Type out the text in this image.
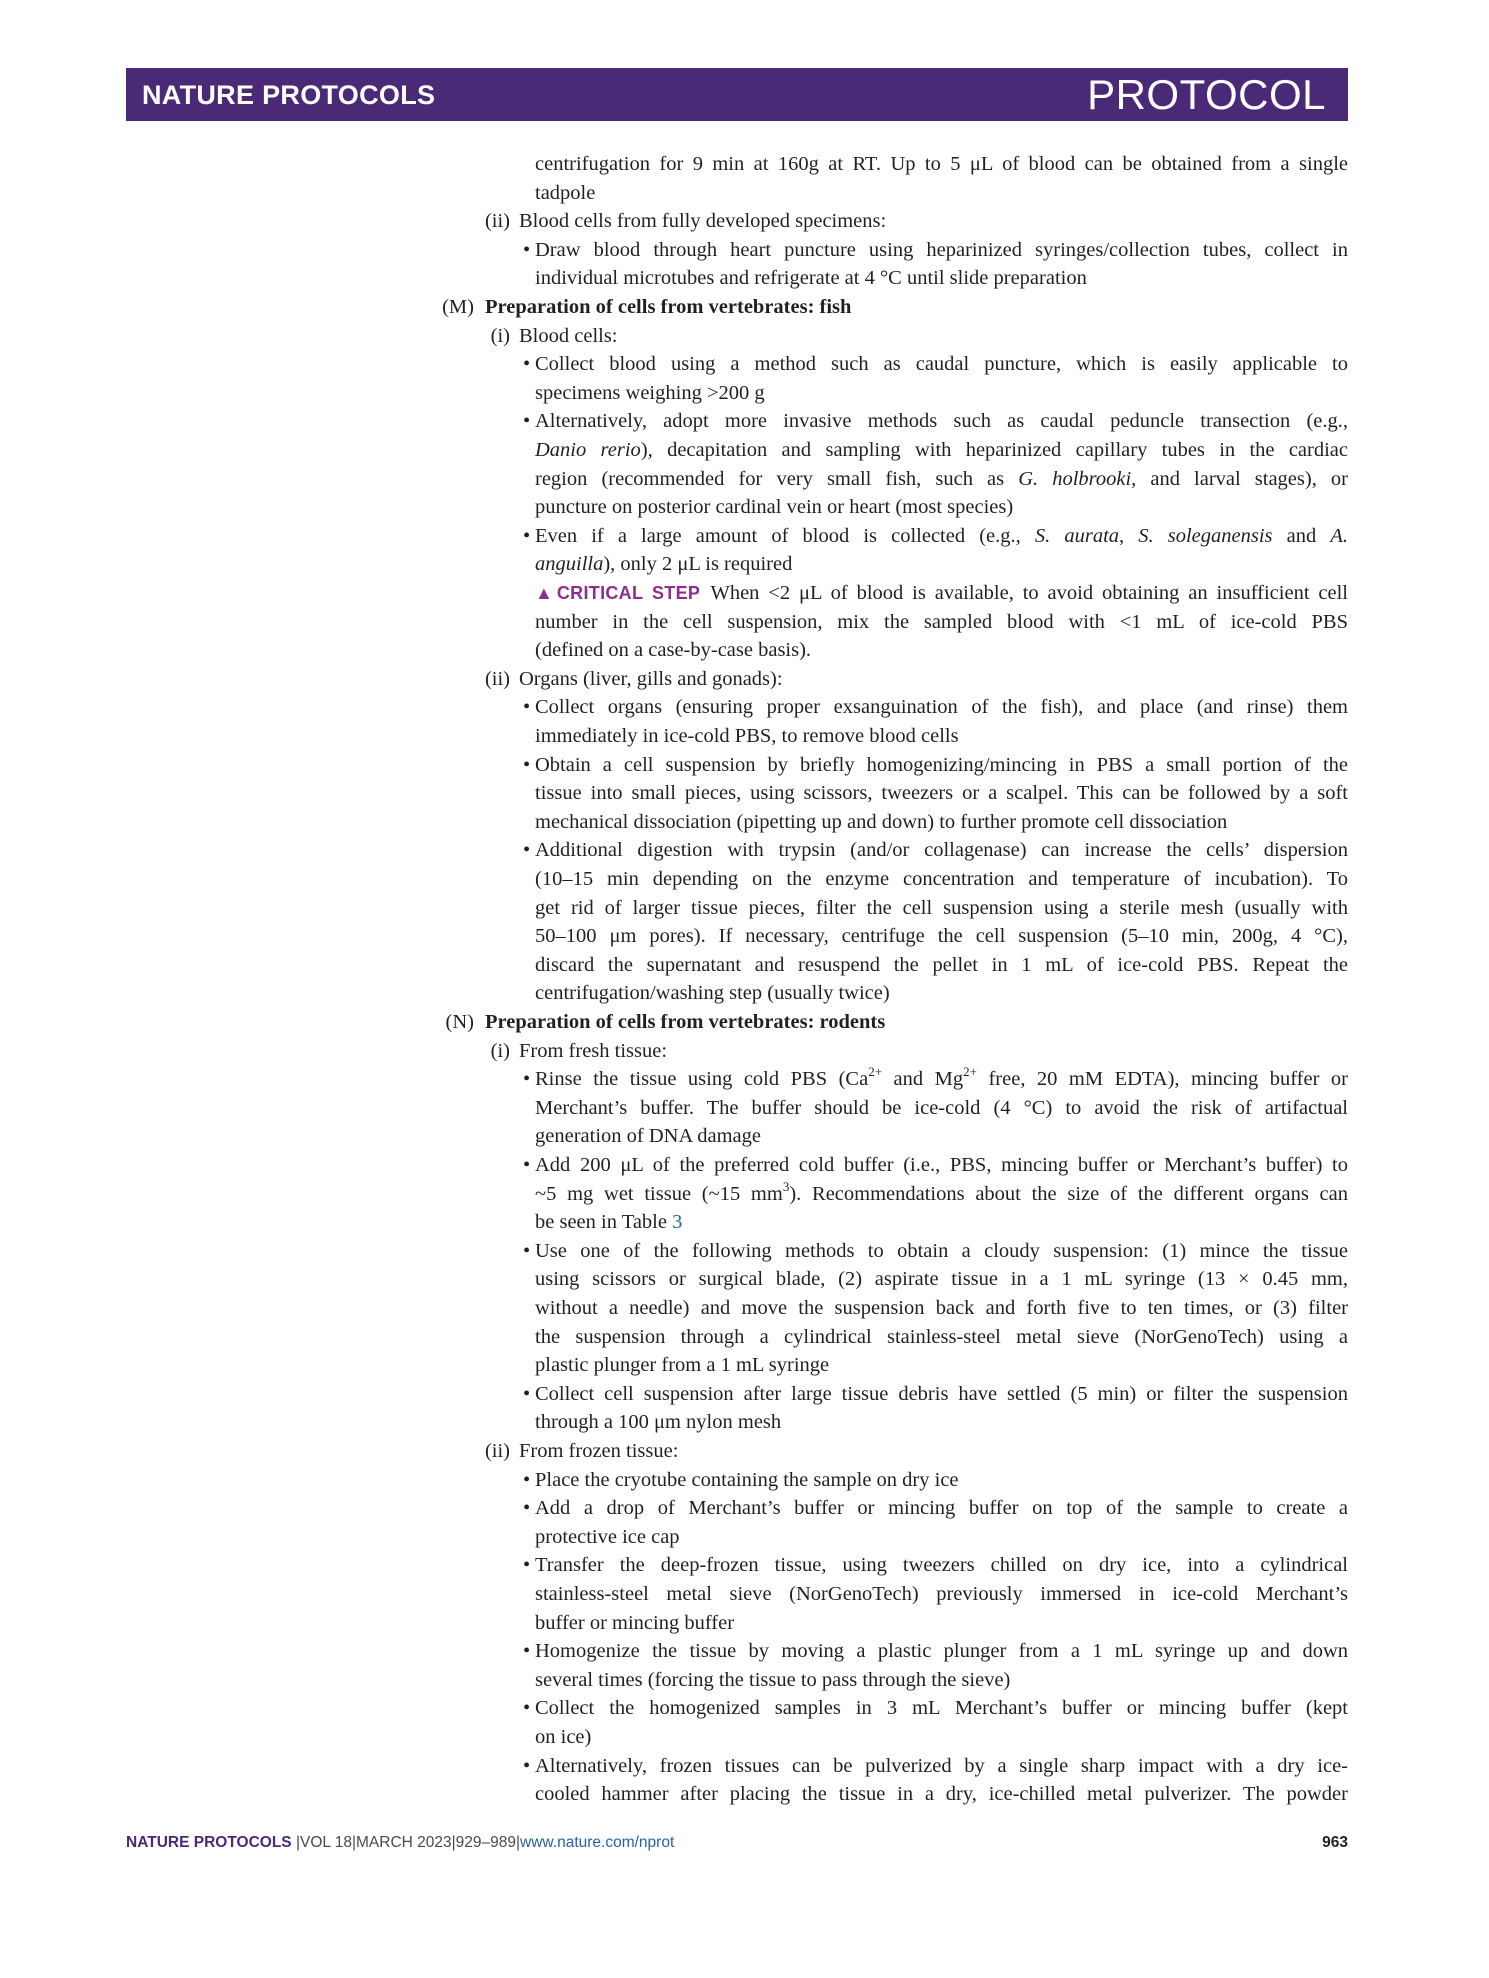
NATURE PROTOCOLS	PROTOCOL
centrifugation for 9 min at 160g at RT. Up to 5 μL of blood can be obtained from a single
tadpole
(ii) Blood cells from fully developed specimens:
• Draw blood through heart puncture using heparinized syringes/collection tubes, collect in
individual microtubes and refrigerate at 4 °C until slide preparation
(M) Preparation of cells from vertebrates: fish
(i) Blood cells:
• Collect blood using a method such as caudal puncture, which is easily applicable to
specimens weighing >200 g
• Alternatively, adopt more invasive methods such as caudal peduncle transection (e.g.,
Danio rerio), decapitation and sampling with heparinized capillary tubes in the cardiac
region (recommended for very small fish, such as G. holbrooki, and larval stages), or
puncture on posterior cardinal vein or heart (most species)
• Even if a large amount of blood is collected (e.g., S. aurata, S. soleganensis and A.
anguilla), only 2 μL is required
▲CRITICAL STEP  When <2 μL of blood is available, to avoid obtaining an insufficient cell
number in the cell suspension, mix the sampled blood with <1 mL of ice-cold PBS
(defined on a case-by-case basis).
(ii) Organs (liver, gills and gonads):
• Collect organs (ensuring proper exsanguination of the fish), and place (and rinse) them
immediately in ice-cold PBS, to remove blood cells
• Obtain a cell suspension by briefly homogenizing/mincing in PBS a small portion of the
tissue into small pieces, using scissors, tweezers or a scalpel. This can be followed by a soft
mechanical dissociation (pipetting up and down) to further promote cell dissociation
• Additional digestion with trypsin (and/or collagenase) can increase the cells’ dispersion
(10–15 min depending on the enzyme concentration and temperature of incubation). To
get rid of larger tissue pieces, filter the cell suspension using a sterile mesh (usually with
50–100 μm pores). If necessary, centrifuge the cell suspension (5–10 min, 200g, 4 °C),
discard the supernatant and resuspend the pellet in 1 mL of ice-cold PBS. Repeat the
centrifugation/washing step (usually twice)
(N) Preparation of cells from vertebrates: rodents
(i) From fresh tissue:
• Rinse the tissue using cold PBS ($Ca^{2+}$ and $Mg^{2+}$ free, 20 mM EDTA), mincing buffer or
Merchant’s buffer. The buffer should be ice-cold (4 °C) to avoid the risk of artifactual
generation of DNA damage
• Add 200 μL of the preferred cold buffer (i.e., PBS, mincing buffer or Merchant’s buffer) to
~5 mg wet tissue (~15 $mm^3$). Recommendations about the size of the different organs can
be seen in Table 3
• Use one of the following methods to obtain a cloudy suspension: (1) mince the tissue
using scissors or surgical blade, (2) aspirate tissue in a 1 mL syringe (13 × 0.45 mm,
without a needle) and move the suspension back and forth five to ten times, or (3) filter
the suspension through a cylindrical stainless-steel metal sieve (NorGenoTech) using a
plastic plunger from a 1 mL syringe
• Collect cell suspension after large tissue debris have settled (5 min) or filter the suspension
through a 100 μm nylon mesh
(ii) From frozen tissue:
• Place the cryotube containing the sample on dry ice
• Add a drop of Merchant’s buffer or mincing buffer on top of the sample to create a
protective ice cap
• Transfer the deep-frozen tissue, using tweezers chilled on dry ice, into a cylindrical
stainless-steel metal sieve (NorGenoTech) previously immersed in ice-cold Merchant’s
buffer or mincing buffer
• Homogenize the tissue by moving a plastic plunger from a 1 mL syringe up and down
several times (forcing the tissue to pass through the sieve)
• Collect the homogenized samples in 3 mL Merchant’s buffer or mincing buffer (kept
on ice)
• Alternatively, frozen tissues can be pulverized by a single sharp impact with a dry ice-
cooled hammer after placing the tissue in a dry, ice-chilled metal pulverizer. The powder
NATURE PROTOCOLS |VOL 18|MARCH 2023|929–989|www.nature.com/nprot	963
